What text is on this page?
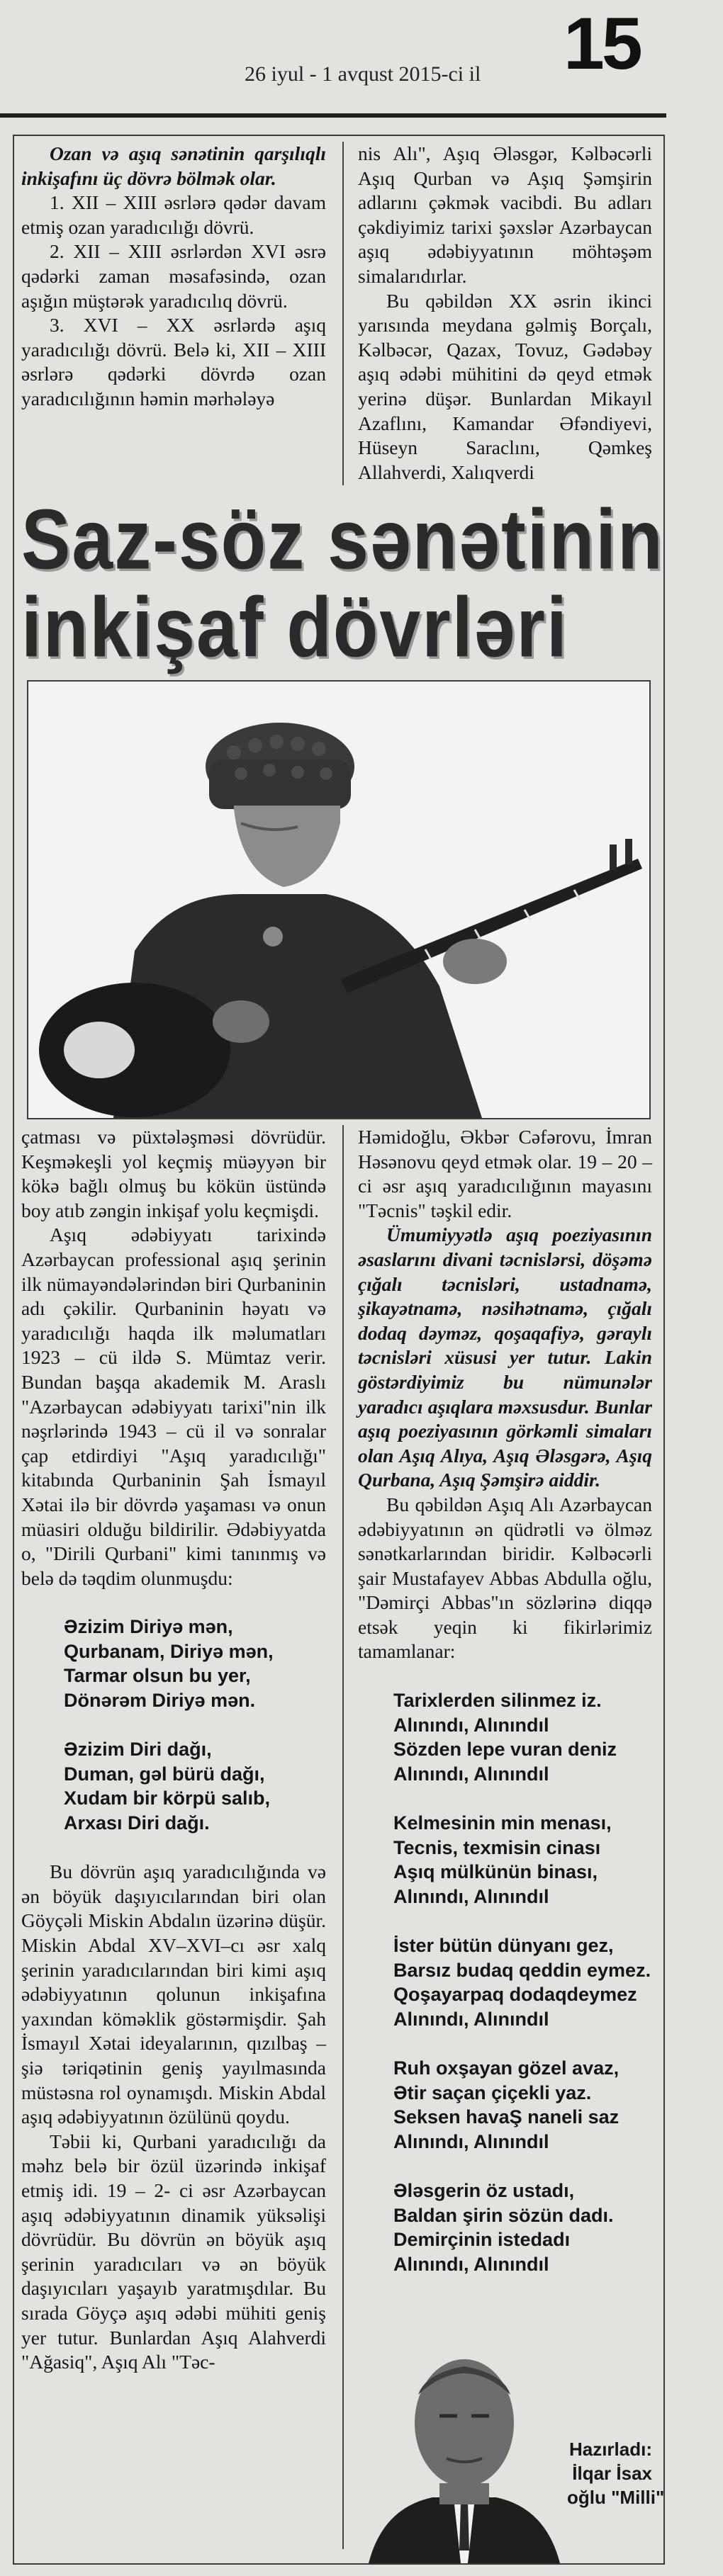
26 iyul - 1 avqust 2015-ci il	15

Ozan və aşıq sənətinin qarşılıqlı inkişafını üç dövrə bölmək olar.

1. XII – XIII əsrlərə qədər davam etmiş ozan yaradıcılığı dövrü.

2. XII – XIII əsrlərdən XVI əsrə qədərki zaman məsafəsində, ozan aşığın müştərək yaradıcılıq dövrü.

3. XVI – XX əsrlərdə aşıq yaradıcılığı dövrü. Belə ki, XII – XIII əsrlərə qədərki dövrdə ozan yaradıcılığının həmin mərhələyə

nis Alı", Aşıq Ələsgər, Kəlbəcərli Aşıq Qurban və Aşıq Şəmşirin adlarını çəkmək vacibdi. Bu adları çəkdiyimiz tarixi şəxslər Azərbaycan aşıq ədəbiyyatının möhtəşəm simalarıdırlar.

Bu qəbildən XX əsrin ikinci yarısında meydana gəlmiş Borçalı, Kəlbəcər, Qazax, Tovuz, Gədəbəy aşıq ədəbi mühitini də qeyd etmək yerinə düşər. Bunlardan Mikayıl Azaflını, Kamandar Əfəndiyevi, Hüseyn Saraclını, Qəmkeş Allahverdi, Xalıqverdi

Saz-söz sənətinin
inkişaf dövrləri

çatması və püxtələşməsi dövrüdür. Keşməkeşli yol keçmiş müəyyən bir kökə bağlı olmuş bu kökün üstündə boy atıb zəngin inkişaf yolu keçmişdi.

Aşıq ədəbiyyatı tarixində Azərbaycan professional aşıq şerinin ilk nümayəndələrindən biri Qurbaninin adı çəkilir. Qurbaninin həyatı və yaradıcılığı haqda ilk məlumatları 1923 – cü ildə S. Mümtaz verir. Bundan başqa akademik M. Araslı "Azərbaycan ədəbiyyatı tarixi"nin ilk nəşrlərində 1943 – cü il və sonralar çap etdirdiyi "Aşıq yaradıcılığı" kitabında Qurbaninin Şah İsmayıl Xətai ilə bir dövrdə yaşaması və onun müasiri olduğu bildirilir. Ədəbiyyatda o, "Dirili Qurbani" kimi tanınmış və belə də təqdim olunmuşdu:

Əzizim Diriyə mən,
Qurbanam, Diriyə mən,
Tarmar olsun bu yer,
Dönərəm Diriyə mən.
Əzizim Diri dağı,
Duman, gəl bürü dağı,
Xudam bir körpü salıb,
Arxası Diri dağı.

Bu dövrün aşıq yaradıcılığında və ən böyük daşıyıcılarından biri olan Göyçəli Miskin Abdalın üzərinə düşür. Miskin Abdal XV–XVI–cı əsr xalq şerinin yaradıcılarından biri kimi aşıq ədəbiyyatının qolunun inkişafına yaxından köməklik göstərmişdir. Şah İsmayıl Xətai ideyalarının, qızılbaş – şiə təriqətinin geniş yayılmasında müstəsna rol oynamışdı. Miskin Abdal aşıq ədəbiyyatının özülünü qoydu.

Təbii ki, Qurbani yaradıcılığı da məhz belə bir özül üzərində inkişaf etmiş idi. 19 – 2- ci əsr Azərbaycan aşıq ədəbiyyatının dinamik yüksəlişi dövrüdür. Bu dövrün ən böyük aşıq şerinin yaradıcıları və ən böyük daşıyıcıları yaşayıb yaratmışdılar. Bu sırada Göyçə aşıq ədəbi mühiti geniş yer tutur. Bunlardan Aşıq Alahverdi "Ağasiq", Aşıq Alı "Təc-

Həmidoğlu, Əkbər Cəfərovu, İmran Həsənovu qeyd etmək olar. 19 – 20 – ci əsr aşıq yaradıcılığının mayasını "Təcnis" təşkil edir.

Ümumiyyətlə aşıq poeziyasının əsaslarını divani təcnislərsi, döşəmə çığalı təcnisləri, ustadnamə, şikayətnamə, nəsihətnamə, çığalı dodaq dəyməz, qoşaqafiyə, gəraylı təcnisləri xüsusi yer tutur. Lakin göstərdiyimiz bu nümunələr yaradıcı aşıqlara məxsusdur. Bunlar aşıq poeziyasının görkəmli simaları olan Aşıq Alıya, Aşıq Ələsgərə, Aşıq Qurbana, Aşıq Şəmşirə aiddir.

Bu qəbildən Aşıq Alı Azərbaycan ədəbiyyatının ən qüdrətli və ölməz sənətkarlarından biridir. Kəlbəcərli şair Mustafayev Abbas Abdulla oğlu, "Dəmirçi Abbas"ın sözlərinə diqqə etsək yeqin ki fikirlərimiz tamamlanar:

Tarixlerden silinmez iz.
Alınındı, Alınındıl
Sözden lepe vuran deniz
Alınındı, Alınındıl
Kelmesinin min menası,
Tecnis, texmisin cinası
Aşıq mülkünün binası,
Alınındı, Alınındıl
İster bütün dünyanı gez,
Barsız budaq qeddin eymez.
Qoşayarpaq dodaqdeymez
Alınındı, Alınındıl
Ruh oxşayan gözel avaz,
Ətir saçan çiçekli yaz.
Seksen havaŞ naneli saz
Alınındı, Alınındıl
Ələsgerin öz ustadı,
Baldan şirin sözün dadı.
Demirçinin istedadı
Alınındı, Alınındıl
Hazırladı:
İlqar İsax
oğlu "Milli"
